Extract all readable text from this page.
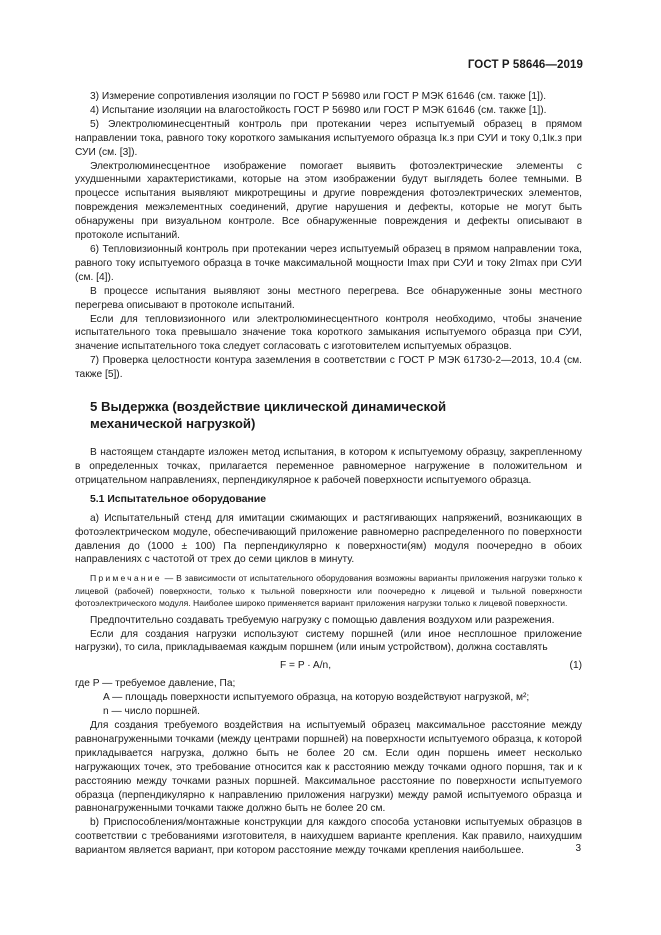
ГОСТ Р 58646—2019

3) Измерение сопротивления изоляции по ГОСТ Р 56980 или ГОСТ Р МЭК 61646 (см. также [1]).

4) Испытание изоляции на влагостойкость ГОСТ Р 56980 или ГОСТ Р МЭК 61646 (см. также [1]).

5) Электролюминесцентный контроль при протекании через испытуемый образец в прямом направлении тока, равного току короткого замыкания испытуемого образца Iк.з при СУИ и току 0,1Iк.з при СУИ (см. [3]).

Электролюминесцентное изображение помогает выявить фотоэлектрические элементы с ухудшенными характеристиками, которые на этом изображении будут выглядеть более темными. В процессе испытания выявляют микротрещины и другие повреждения фотоэлектрических элементов, повреждения межэлементных соединений, другие нарушения и дефекты, которые не могут быть обнаружены при визуальном контроле. Все обнаруженные повреждения и дефекты описывают в протоколе испытаний.

6) Тепловизионный контроль при протекании через испытуемый образец в прямом направлении тока, равного току испытуемого образца в точке максимальной мощности Imax при СУИ и току 2Imax при СУИ (см. [4]).

В процессе испытания выявляют зоны местного перегрева. Все обнаруженные зоны местного перегрева описывают в протоколе испытаний.

Если для тепловизионного или электролюминесцентного контроля необходимо, чтобы значение испытательного тока превышало значение тока короткого замыкания испытуемого образца при СУИ, значение испытательного тока следует согласовать с изготовителем испытуемых образцов.

7) Проверка целостности контура заземления в соответствии с ГОСТ Р МЭК 61730-2—2013, 10.4 (см. также [5]).

5 Выдержка (воздействие циклической динамической
механической нагрузкой)

В настоящем стандарте изложен метод испытания, в котором к испытуемому образцу, закрепленному в определенных точках, прилагается переменное равномерное нагружение в положительном и отрицательном направлениях, перпендикулярное к рабочей поверхности испытуемого образца.

5.1 Испытательное оборудование

а) Испытательный стенд для имитации сжимающих и растягивающих напряжений, возникающих в фотоэлектрическом модуле, обеспечивающий приложение равномерно распределенного по поверхности давления до (1000 ± 100) Па перпендикулярно к поверхности(ям) модуля поочередно в обоих направлениях с частотой от трех до семи циклов в минуту.

Примечание — В зависимости от испытательного оборудования возможны варианты приложения нагрузки только к лицевой (рабочей) поверхности, только к тыльной поверхности или поочередно к лицевой и тыльной поверхности фотоэлектрического модуля. Наиболее широко применяется вариант приложения нагрузки только к лицевой поверхности.

Предпочтительно создавать требуемую нагрузку с помощью давления воздухом или разрежения.

Если для создания нагрузки используют систему поршней (или иное несплошное приложение нагрузки), то сила, прикладываемая каждым поршнем (или иным устройством), должна составлять

F = P · A/n,	(1)
где P — требуемое давление, Па;
A — площадь поверхности испытуемого образца, на которую воздействуют нагрузкой, м²;
n — число поршней.

Для создания требуемого воздействия на испытуемый образец максимальное расстояние между равнонагруженными точками (между центрами поршней) на поверхности испытуемого образца, к которой прикладывается нагрузка, должно быть не более 20 см. Если один поршень имеет несколько нагружающих точек, это требование относится как к расстоянию между точками одного поршня, так и к расстоянию между точками разных поршней. Максимальное расстояние по поверхности испытуемого образца (перпендикулярно к направлению приложения нагрузки) между рамой испытуемого образца и равнонагруженными точками также должно быть не более 20 см.

b) Приспособления/монтажные конструкции для каждого способа установки испытуемых образцов в соответствии с требованиями изготовителя, в наихудшем варианте крепления. Как правило, наихудшим вариантом является вариант, при котором расстояние между точками крепления наибольшее.	3
